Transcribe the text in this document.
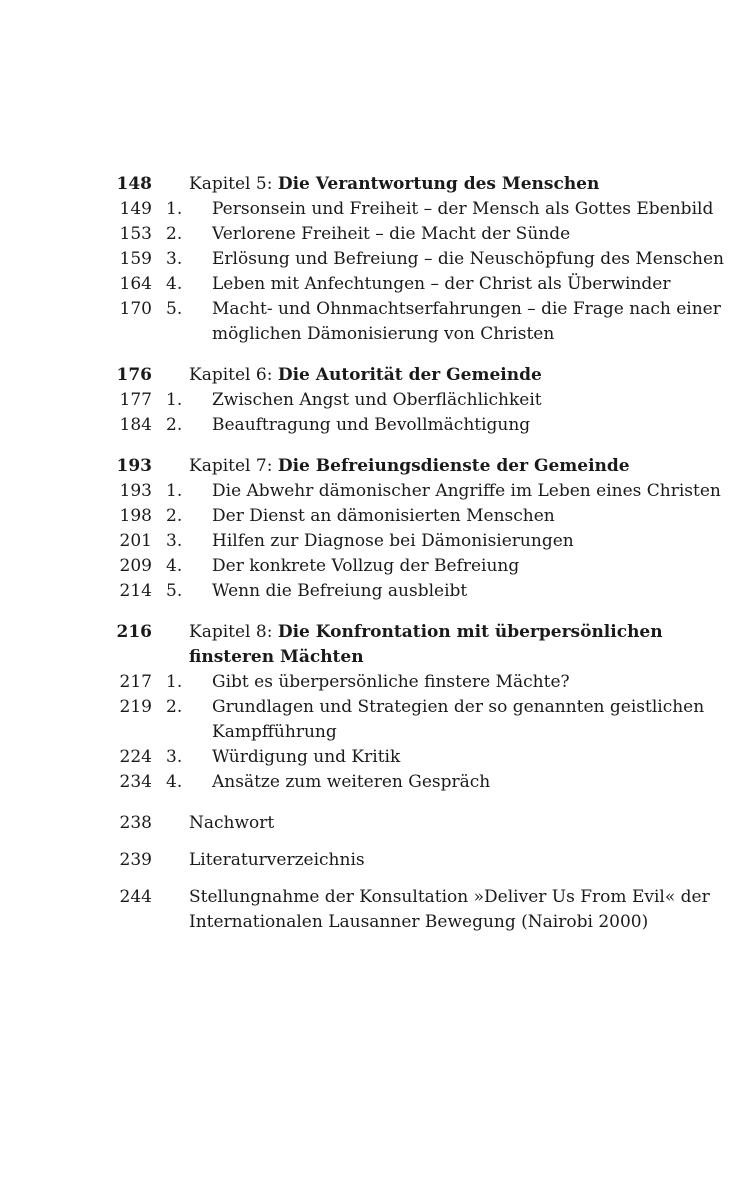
148 Kapitel 5: Die Verantwortung des Menschen
149 1. Personsein und Freiheit – der Mensch als Gottes Ebenbild
153 2. Verlorene Freiheit – die Macht der Sünde
159 3. Erlösung und Befreiung – die Neuschöpfung des Menschen
164 4. Leben mit Anfechtungen – der Christ als Überwinder
170 5. Macht- und Ohnmachtserfahrungen – die Frage nach einer möglichen Dämonisierung von Christen
176 Kapitel 6: Die Autorität der Gemeinde
177 1. Zwischen Angst und Oberflächlichkeit
184 2. Beauftragung und Bevollmächtigung
193 Kapitel 7: Die Befreiungsdienste der Gemeinde
193 1. Die Abwehr dämonischer Angriffe im Leben eines Christen
198 2. Der Dienst an dämonisierten Menschen
201 3. Hilfen zur Diagnose bei Dämonisierungen
209 4. Der konkrete Vollzug der Befreiung
214 5. Wenn die Befreiung ausbleibt
216 Kapitel 8: Die Konfrontation mit überpersönlichen finsteren Mächten
217 1. Gibt es überpersönliche finstere Mächte?
219 2. Grundlagen und Strategien der so genannten geistlichen Kampfführung
224 3. Würdigung und Kritik
234 4. Ansätze zum weiteren Gespräch
238 Nachwort
239 Literaturverzeichnis
244 Stellungnahme der Konsultation »Deliver Us From Evil« der Internationalen Lausanner Bewegung (Nairobi 2000)
